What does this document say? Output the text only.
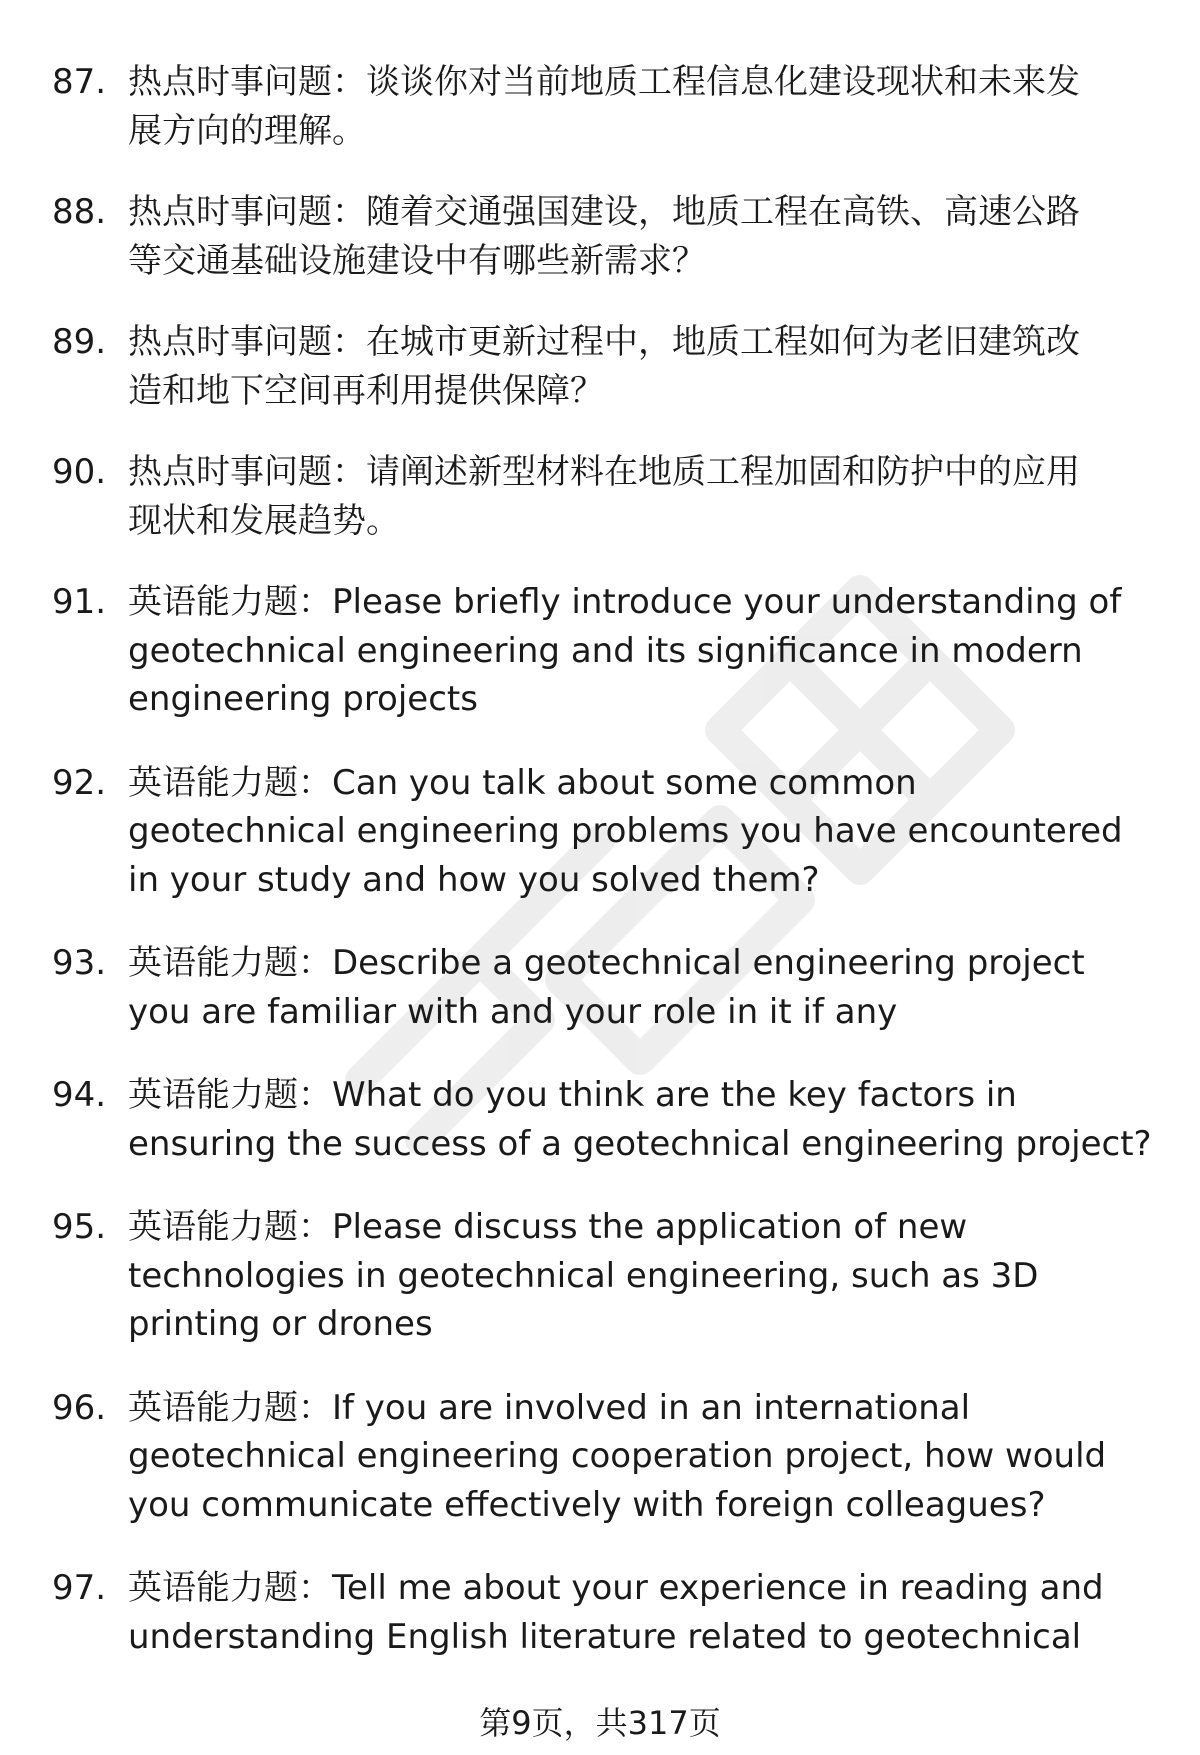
87. 热点时事问题：谈谈你对当前地质工程信息化建设现状和未来发
展方向的理解。

88. 热点时事问题：随着交通强国建设，地质工程在高铁、高速公路
等交通基础设施建设中有哪些新需求？

89. 热点时事问题：在城市更新过程中，地质工程如何为老旧建筑改
造和地下空间再利用提供保障？

90. 热点时事问题：请阐述新型材料在地质工程加固和防护中的应用
现状和发展趋势。

91. 英语能力题：Please briefly introduce your understanding of
geotechnical engineering and its significance in modern
engineering projects

92. 英语能力题：Can you talk about some common
geotechnical engineering problems you have encountered
in your study and how you solved them?

93. 英语能力题：Describe a geotechnical engineering project
you are familiar with and your role in it if any

94. 英语能力题：What do you think are the key factors in
ensuring the success of a geotechnical engineering project?

95. 英语能力题：Please discuss the application of new
technologies in geotechnical engineering, such as 3D
printing or drones

96. 英语能力题：If you are involved in an international
geotechnical engineering cooperation project, how would
you communicate effectively with foreign colleagues?

97. 英语能力题：Tell me about your experience in reading and
understanding English literature related to geotechnical

第9页，共317页
